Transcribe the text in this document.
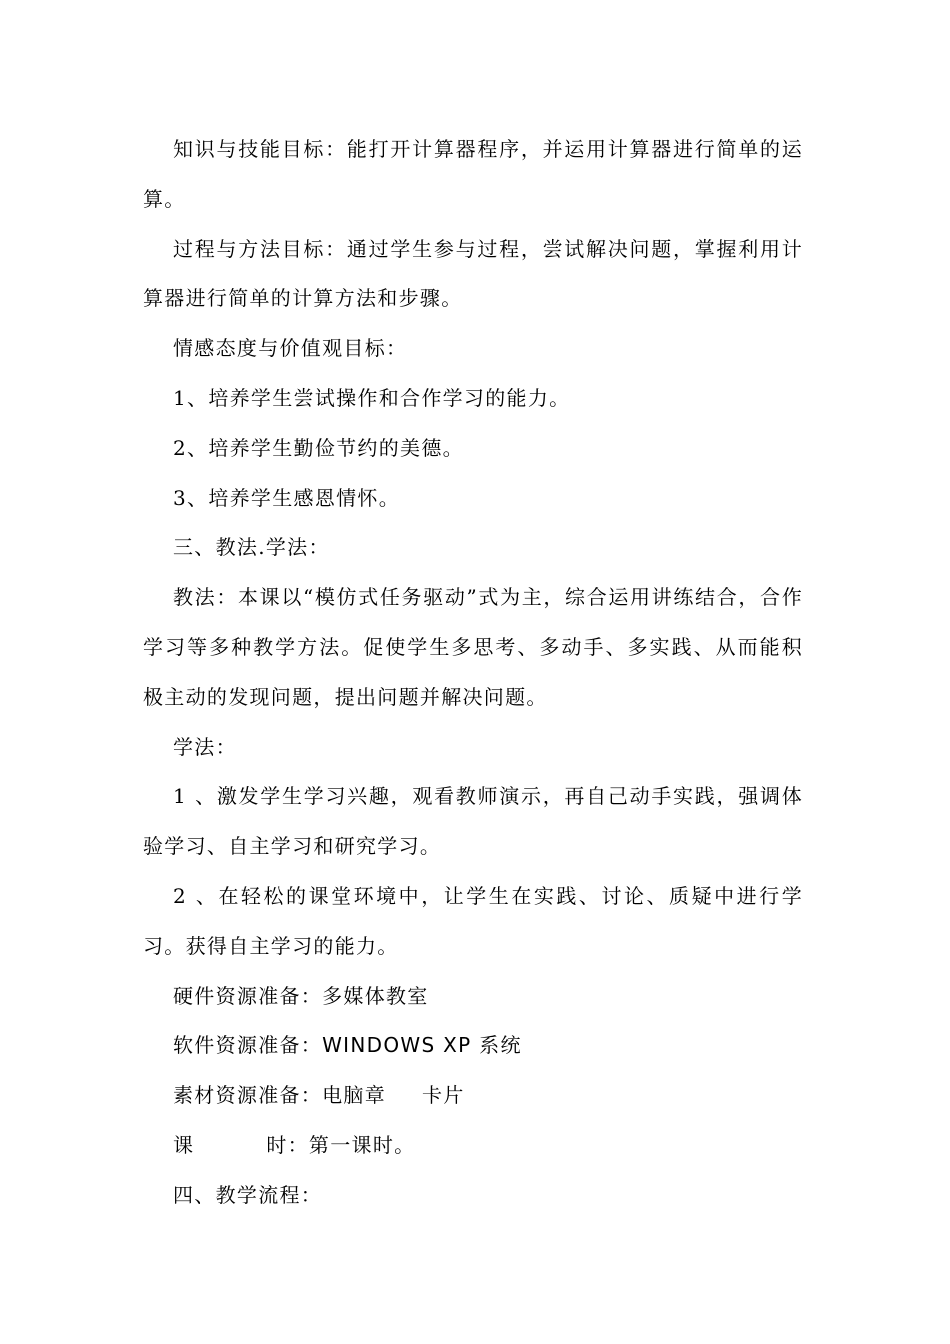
知识与技能目标：能打开计算器程序，并运用计算器进行简单的运算。

过程与方法目标：通过学生参与过程，尝试解决问题，掌握利用计算器进行简单的计算方法和步骤。

情感态度与价值观目标：

1、培养学生尝试操作和合作学习的能力。

2、培养学生勤俭节约的美德。

3、培养学生感恩情怀。

三、教法.学法：

教法：本课以“模仿式任务驱动”式为主，综合运用讲练结合，合作学习等多种教学方法。促使学生多思考、多动手、多实践、从而能积极主动的发现问题，提出问题并解决问题。

学法：

1 、激发学生学习兴趣，观看教师演示，再自己动手实践，强调体验学习、自主学习和研究学习。

2 、在轻松的课堂环境中，让学生在实践、讨论、质疑中进行学习。获得自主学习的能力。

硬件资源准备：多媒体教室

软件资源准备：WINDOWS XP 系统

素材资源准备：电脑章 卡片

课	时：第一课时。

四、教学流程：
